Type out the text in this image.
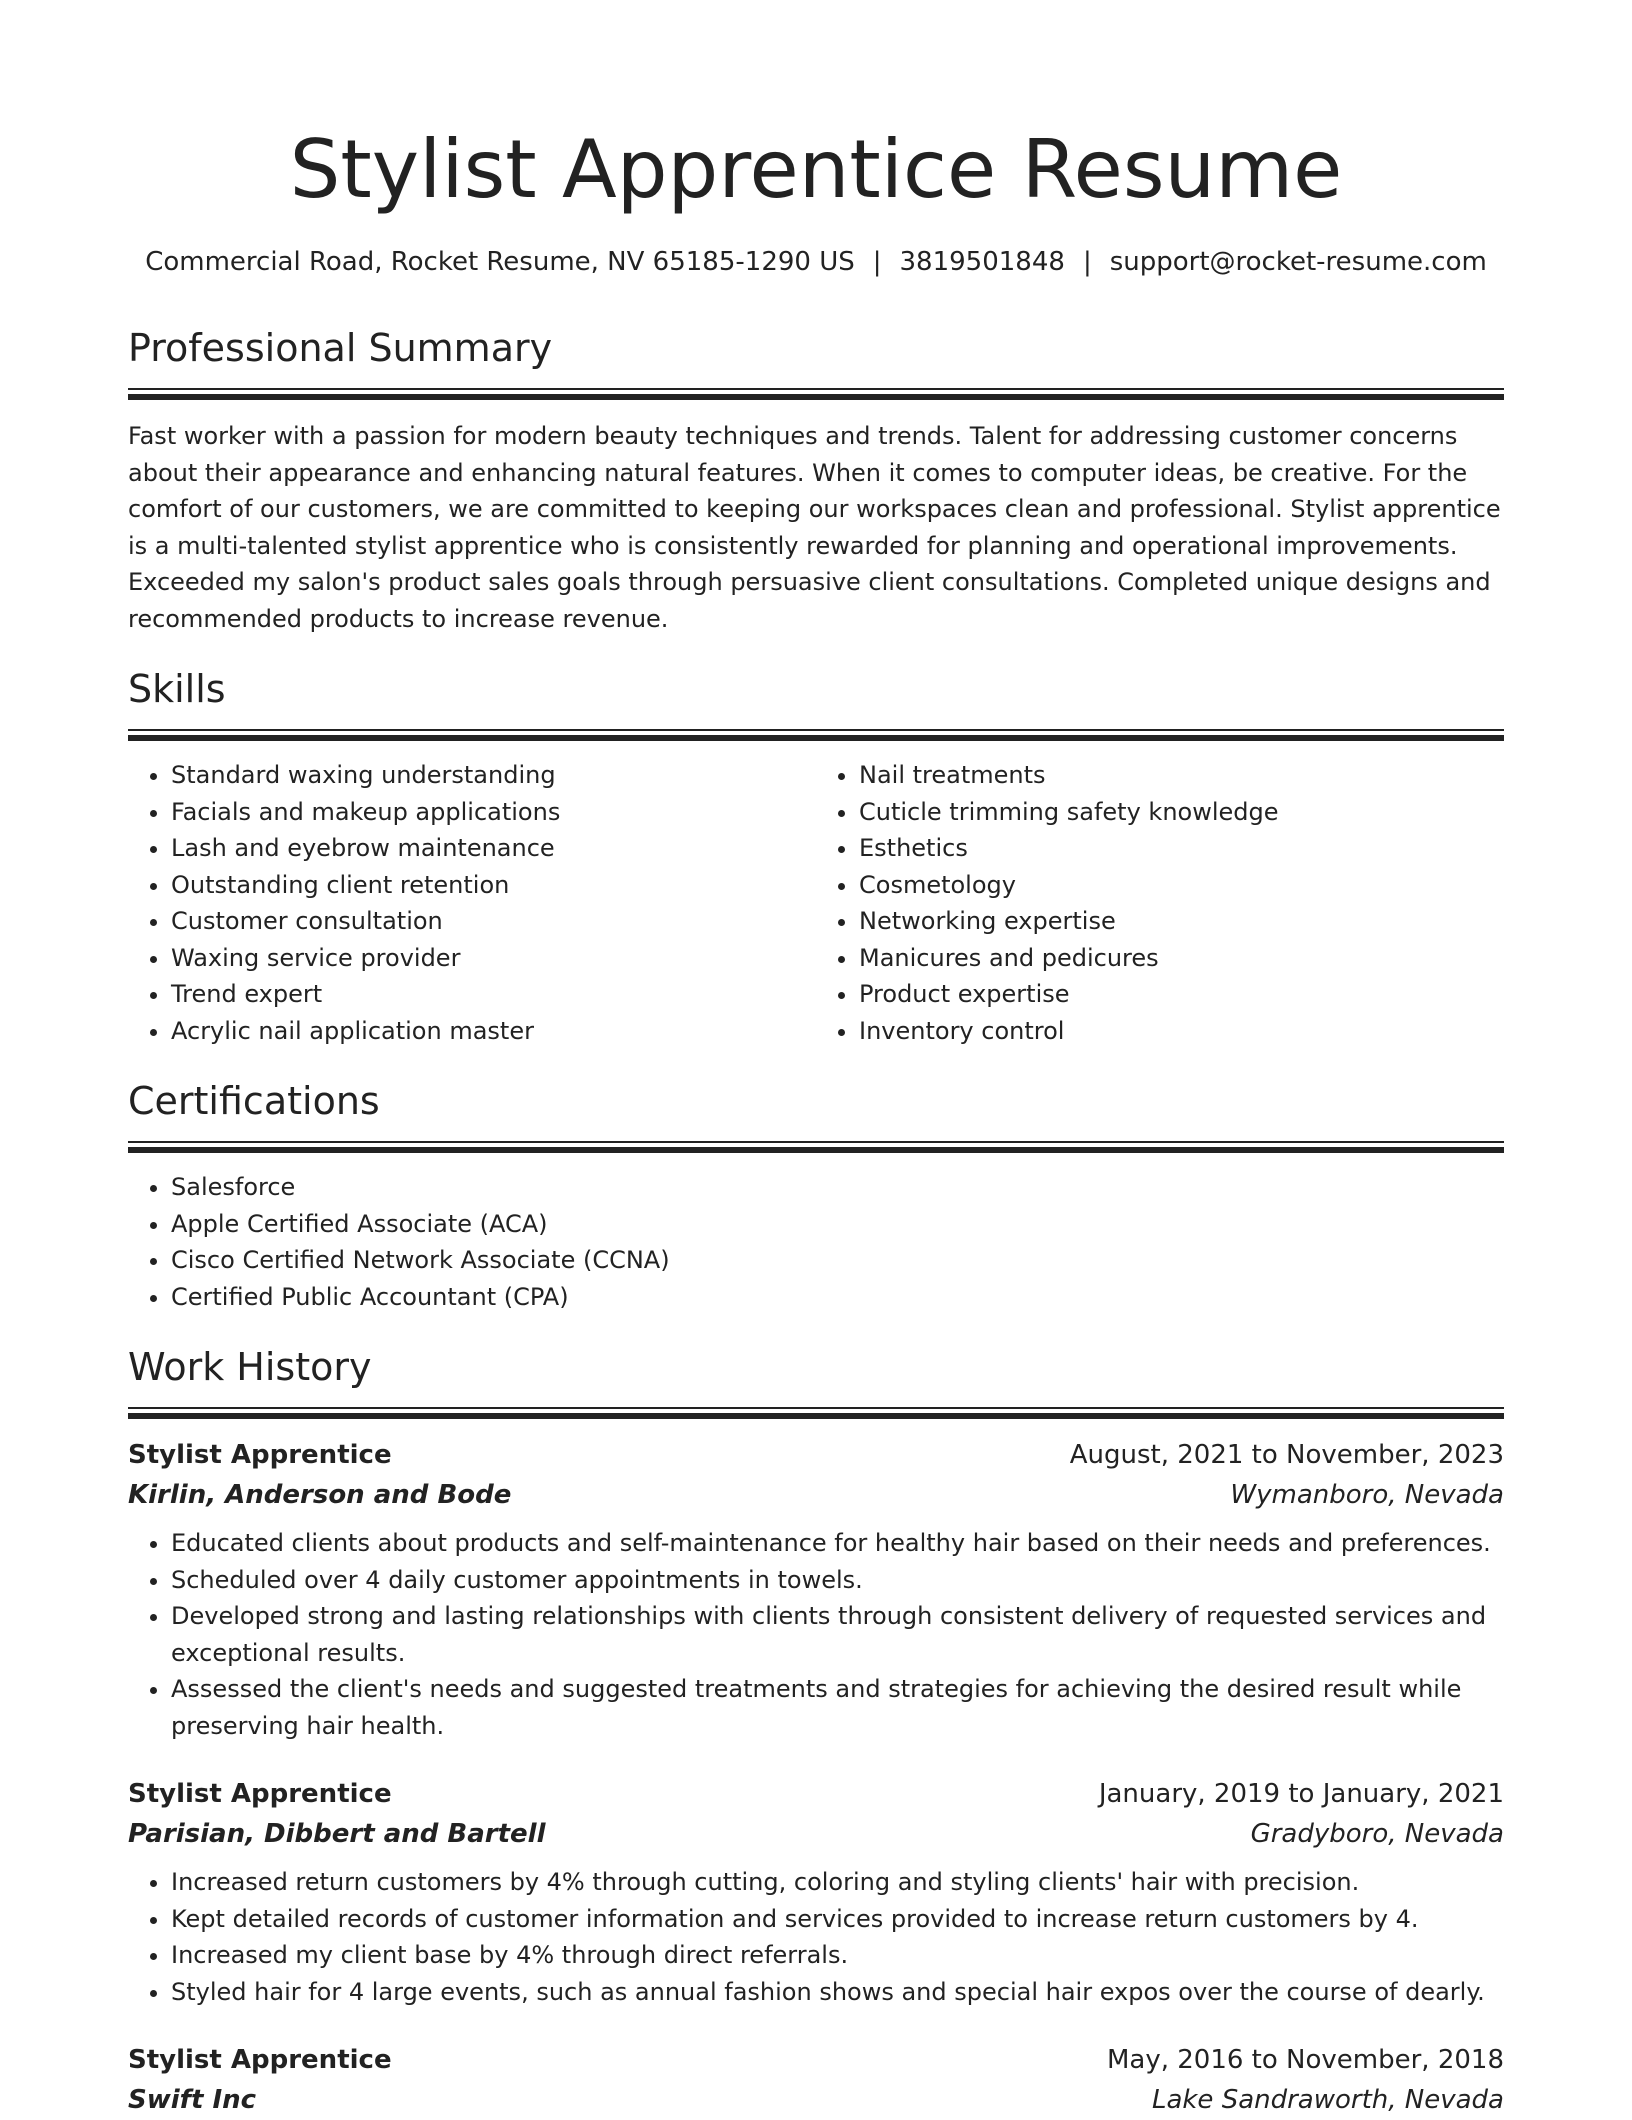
Stylist Apprentice Resume
Commercial Road, Rocket Resume, NV 65185-1290 US | 3819501848 | support@rocket-resume.com
Professional Summary

Fast worker with a passion for modern beauty techniques and trends. Talent for addressing customer concerns about their appearance and enhancing natural features. When it comes to computer ideas, be creative. For the comfort of our customers, we are committed to keeping our workspaces clean and professional. Stylist apprentice is a multi-talented stylist apprentice who is consistently rewarded for planning and operational improvements. Exceeded my salon's product sales goals through persuasive client consultations. Completed unique designs and recommended products to increase revenue.

Skills
• Standard waxing understanding
• Facials and makeup applications
• Lash and eyebrow maintenance
• Outstanding client retention
• Customer consultation
• Waxing service provider
• Trend expert
• Acrylic nail application master
• Nail treatments
• Cuticle trimming safety knowledge
• Esthetics
• Cosmetology
• Networking expertise
• Manicures and pedicures
• Product expertise
• Inventory control
Certifications
• Salesforce
• Apple Certified Associate (ACA)
• Cisco Certified Network Associate (CCNA)
• Certified Public Accountant (CPA)
Work History
Stylist Apprentice	August, 2021 to November, 2023
Kirlin, Anderson and Bode	Wymanboro, Nevada
• Educated clients about products and self-maintenance for healthy hair based on their needs and preferences.
• Scheduled over 4 daily customer appointments in towels.
• Developed strong and lasting relationships with clients through consistent delivery of requested services and exceptional results.
• Assessed the client's needs and suggested treatments and strategies for achieving the desired result while preserving hair health.
Stylist Apprentice	January, 2019 to January, 2021
Parisian, Dibbert and Bartell	Gradyboro, Nevada
• Increased return customers by 4% through cutting, coloring and styling clients' hair with precision.
• Kept detailed records of customer information and services provided to increase return customers by 4.
• Increased my client base by 4% through direct referrals.
• Styled hair for 4 large events, such as annual fashion shows and special hair expos over the course of dearly.
Stylist Apprentice	May, 2016 to November, 2018
Swift Inc	Lake Sandraworth, Nevada
